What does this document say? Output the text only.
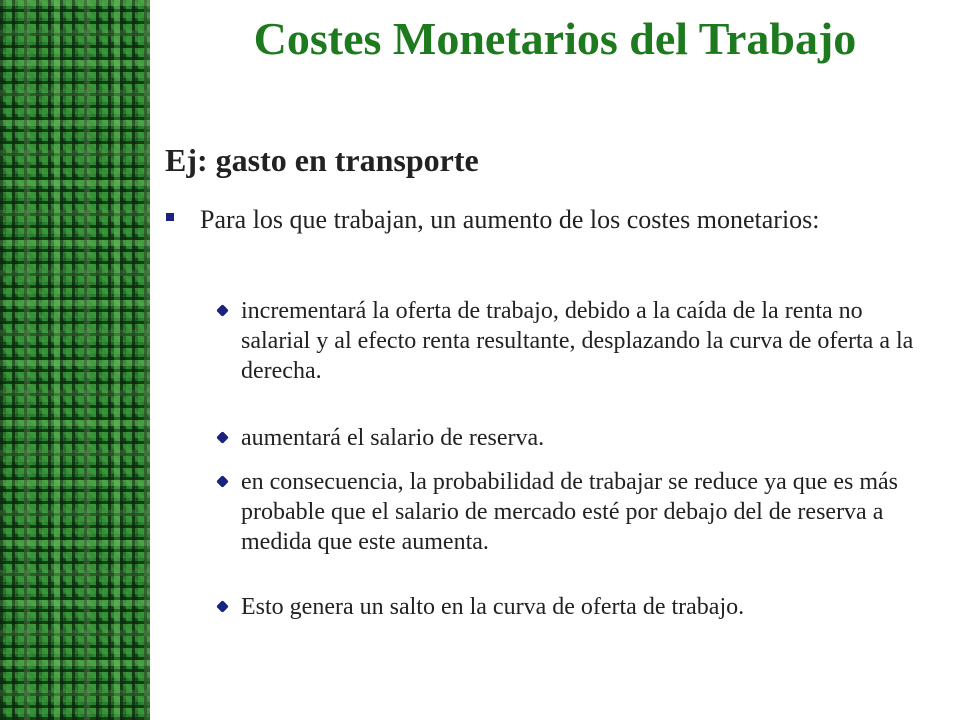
Costes Monetarios del Trabajo
Ej: gasto en transporte

Para los que trabajan, un aumento de los costes monetarios:

incrementará la oferta de trabajo, debido a la caída de la renta no salarial y al efecto renta resultante, desplazando la curva de oferta a la derecha.

aumentará el salario de reserva.

en consecuencia, la probabilidad de trabajar se reduce ya que es más probable que el salario de mercado esté por debajo del de reserva a medida que este aumenta.

Esto genera un salto en la curva de oferta de trabajo.
